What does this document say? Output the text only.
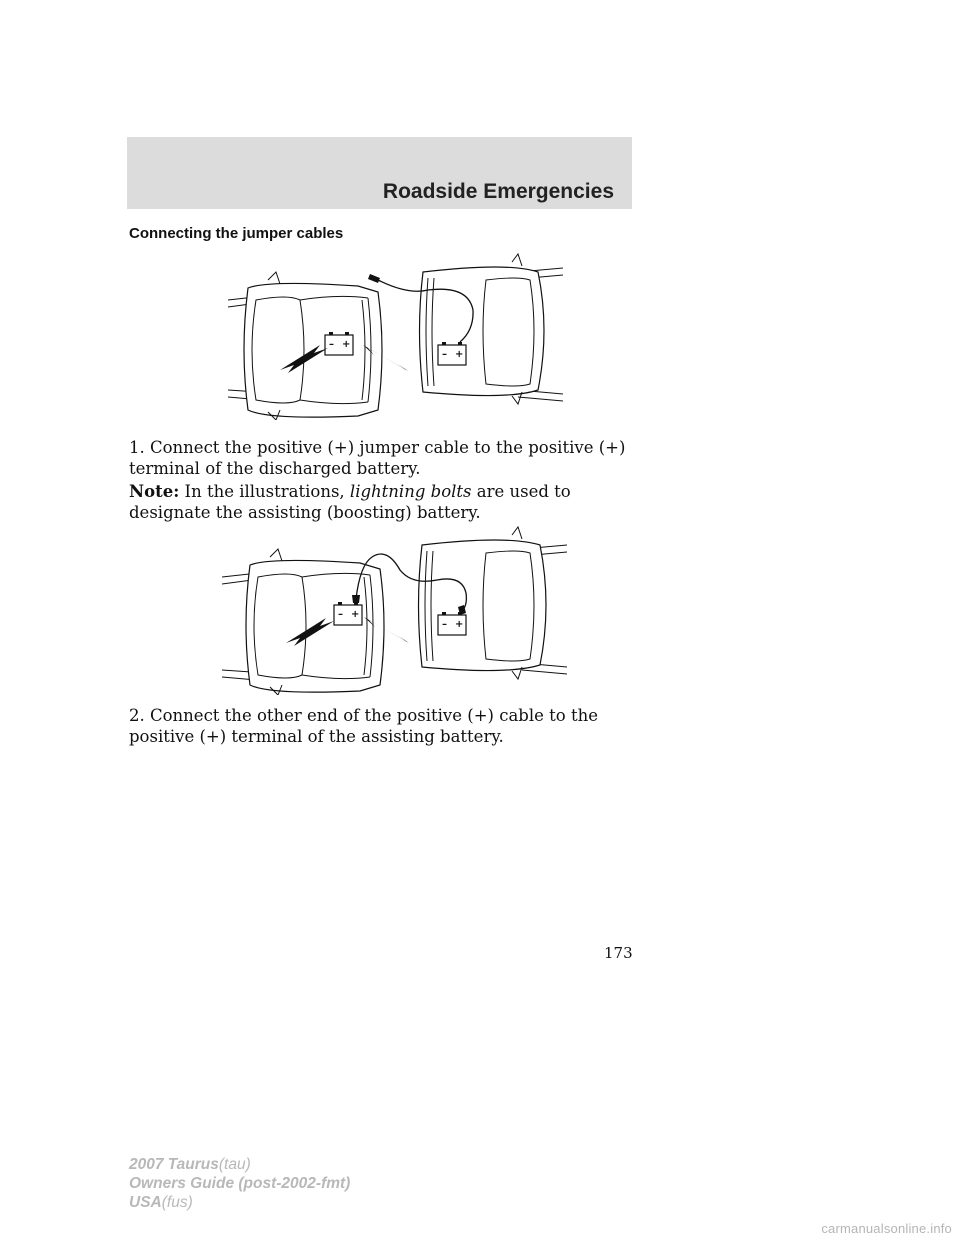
Roadside Emergencies
Connecting the jumper cables
– +
– +
– +
– +
1. Connect the positive (+) jumper cable to the positive (+) terminal of the discharged battery.
Note: In the illustrations, lightning bolts are used to designate the assisting (boosting) battery.
2. Connect the other end of the positive (+) cable to the positive (+) terminal of the assisting battery.
173
2007 Taurus(tau)
Owners Guide (post-2002-fmt)
USA(fus)
carmanualsonline.info
